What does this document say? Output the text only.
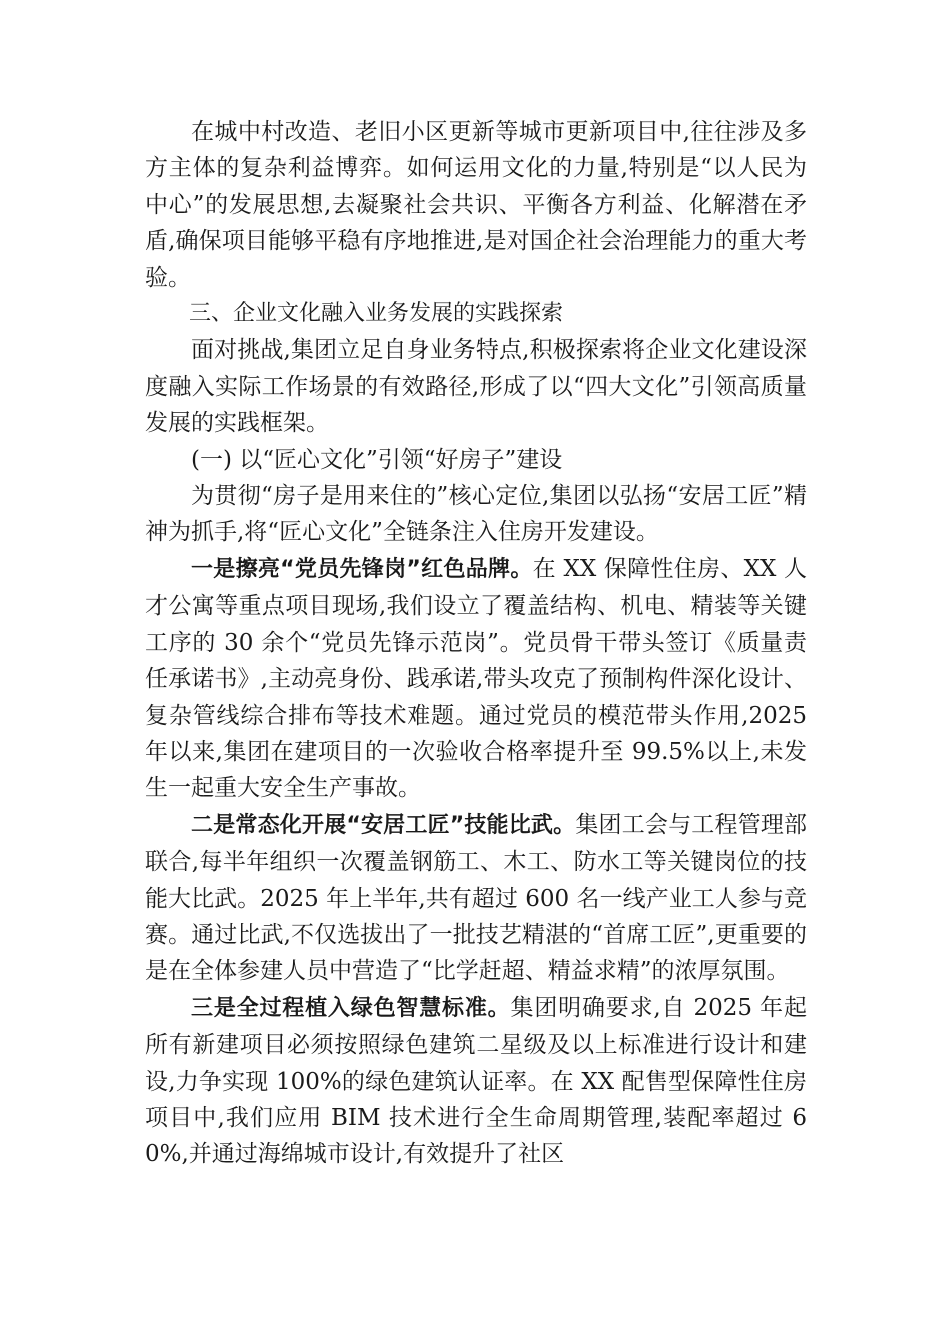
在城中村改造、老旧小区更新等城市更新项目中,往往涉及多方主体的复杂利益博弈。如何运用文化的力量,特别是“以人民为中心”的发展思想,去凝聚社会共识、平衡各方利益、化解潜在矛盾,确保项目能够平稳有序地推进,是对国企社会治理能力的重大考验。

三、企业文化融入业务发展的实践探索

面对挑战,集团立足自身业务特点,积极探索将企业文化建设深度融入实际工作场景的有效路径,形成了以“四大文化”引领高质量发展的实践框架。

(一) 以“匠心文化”引领“好房子”建设

为贯彻“房子是用来住的”核心定位,集团以弘扬“安居工匠”精神为抓手,将“匠心文化”全链条注入住房开发建设。

一是擦亮“党员先锋岗”红色品牌。在 XX 保障性住房、XX 人才公寓等重点项目现场,我们设立了覆盖结构、机电、精装等关键工序的 30 余个“党员先锋示范岗”。党员骨干带头签订《质量责任承诺书》,主动亮身份、践承诺,带头攻克了预制构件深化设计、复杂管线综合排布等技术难题。通过党员的模范带头作用,2025 年以来,集团在建项目的一次验收合格率提升至 99.5%以上,未发生一起重大安全生产事故。

二是常态化开展“安居工匠”技能比武。集团工会与工程管理部联合,每半年组织一次覆盖钢筋工、木工、防水工等关键岗位的技能大比武。2025 年上半年,共有超过 600 名一线产业工人参与竞赛。通过比武,不仅选拔出了一批技艺精湛的“首席工匠”,更重要的是在全体参建人员中营造了“比学赶超、精益求精”的浓厚氛围。

三是全过程植入绿色智慧标准。集团明确要求,自 2025 年起所有新建项目必须按照绿色建筑二星级及以上标准进行设计和建设,力争实现 100%的绿色建筑认证率。在 XX 配售型保障性住房项目中,我们应用 BIM 技术进行全生命周期管理,装配率超过 60%,并通过海绵城市设计,有效提升了社区
